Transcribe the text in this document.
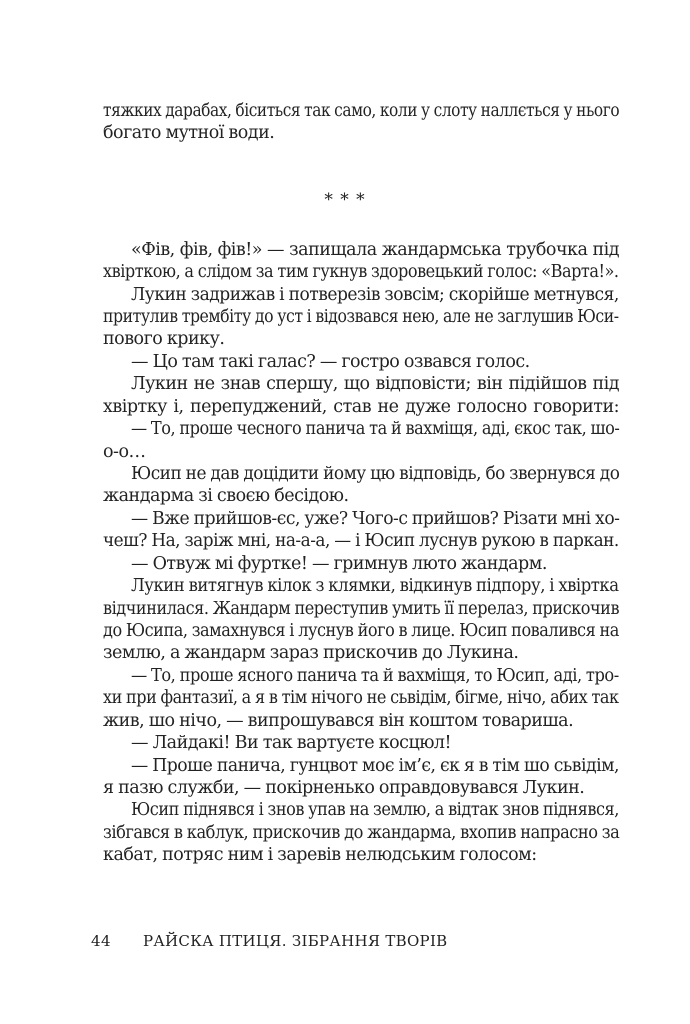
тяжких дарабах, біситься так само, коли у слоту наллється у нього
богато мутної води.
* * *
«Фів, фів, фів!» — запищала жандармська трубочка під
хвірткою, а слідом за тим гукнув здоровецький голос: «Варта!».
Лукин задрижав і потверезів зовсім; скорійше метнувся,
притулив трембіту до уст і відозвався нею, але не заглушив Юси-
пового крику.
— Цо там такі галас? — гостро озвався голос.
Лукин не знав спершу, що відповісти; він підійшов під
хвіртку і, перепуджений, став не дуже голосно говорити:
— То, проше чесного панича та й вахміщя, аді, єкос так, шо-
о-о…
Юсип не дав доцідити йому цю відповідь, бо звернувся до
жандарма зі своєю бесідою.
— Вже прийшов-єс, уже? Чого-с прийшов? Різати мні хо-
чеш? На, заріж мні, на-а-а, — і Юсип луснув рукою в паркан.
— Отвуж мі фуртке! — гримнув люто жандарм.
Лукин витягнув кілок з клямки, відкинув підпору, і хвіртка
відчинилася. Жандарм переступив умить її перелаз, прискочив
до Юсипа, замахнувся і луснув його в лице. Юсип повалився на
землю, а жандарм зараз прискочив до Лукина.
— То, проше ясного панича та й вахміщя, то Юсип, аді, тро-
хи при фантазиї, а я в тім нічого не сьвідім, бігме, нічо, абих так
жив, шо нічо, — випрошувався він коштом товариша.
— Лайдакі! Ви так вартуєте косцюл!
— Проше панича, гунцвот моє ім’є, єк я в тім шо сьвідім,
я пазю служби, — покірненько оправдовувався Лукин.
Юсип піднявся і знов упав на землю, а відтак знов піднявся,
зібгався в каблук, прискочив до жандарма, вхопив напрасно за
кабат, потряс ним і заревів нелюдським голосом:
44 РАЙСКА ПТИЦЯ. ЗІБРАННЯ ТВОРІВ
